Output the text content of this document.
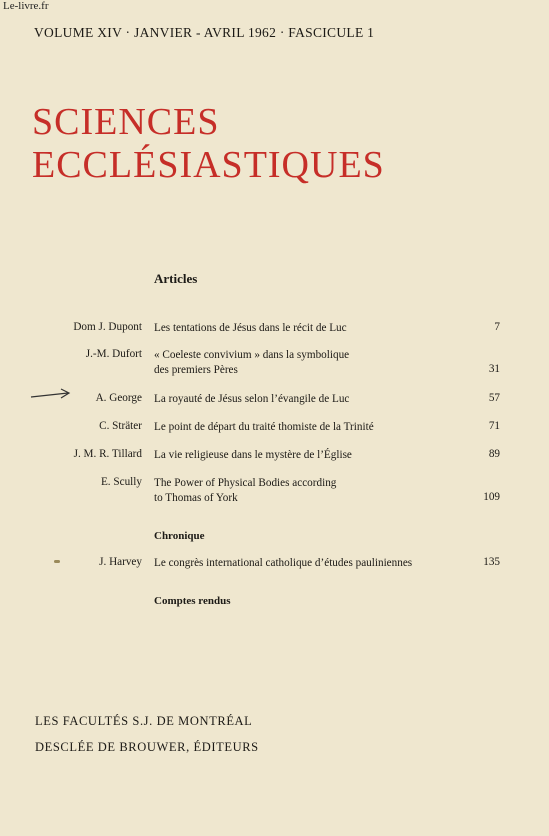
Le-livre.fr
VOLUME XIV · JANVIER - AVRIL 1962 · FASCICULE 1
SCIENCES
ECCLÉSIASTIQUES
Articles
Dom J. Dupont Les tentations de Jésus dans le récit de Luc	7
J.-M. Dufort « Coeleste convivium » dans la symbolique
des premiers Pères	31
A. George La royauté de Jésus selon l’évangile de Luc	57
C. Sträter Le point de départ du traité thomiste de la Trinité	71
J. M. R. Tillard La vie religieuse dans le mystère de l’Église	89
E. Scully The Power of Physical Bodies according
to Thomas of York	109
Chronique
J. Harvey Le congrès international catholique d’études pauliniennes	135
Comptes rendus
LES FACULTÉS S.J. DE MONTRÉAL
DESCLÉE DE BROUWER, ÉDITEURS
